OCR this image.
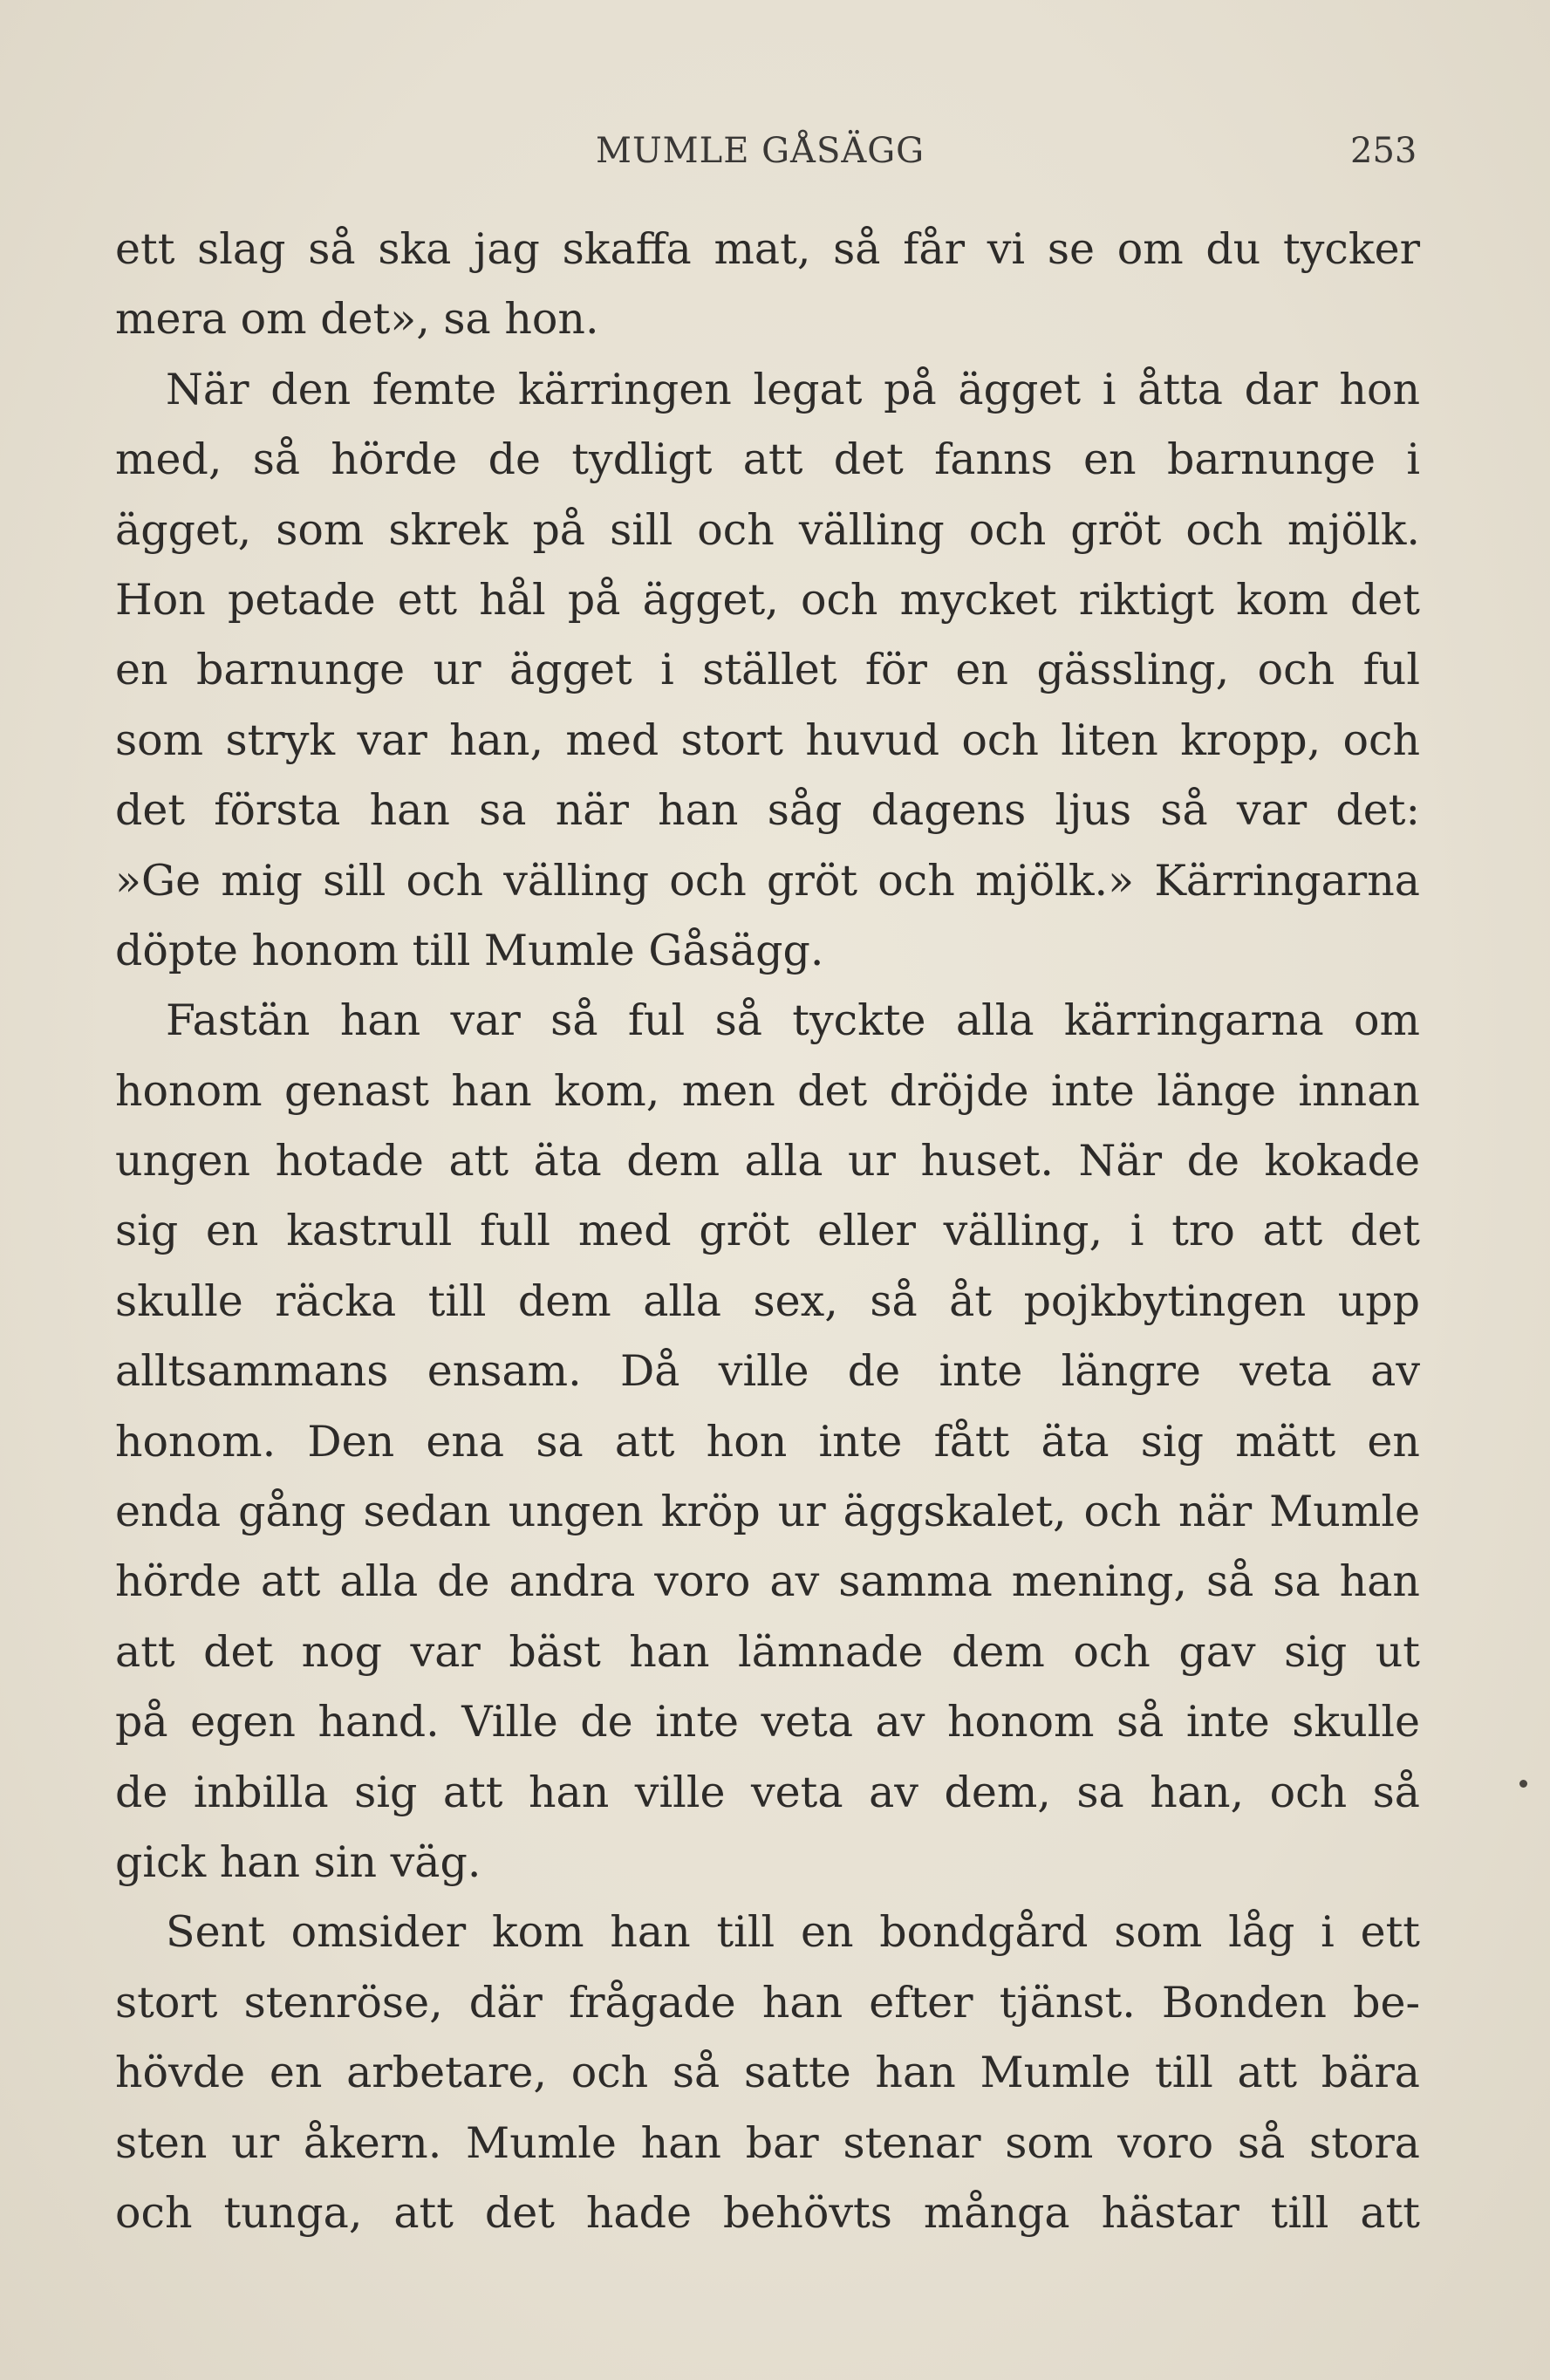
MUMLE GÅSÄGG	253
ett slag så ska jag skaffa mat, så får vi se om du tycker
mera om det», sa hon.
När den femte kärringen legat på ägget i åtta dar hon
med, så hörde de tydligt att det fanns en barnunge i
ägget, som skrek på sill och välling och gröt och mjölk.
Hon petade ett hål på ägget, och mycket riktigt kom det
en barnunge ur ägget i stället för en gässling, och ful
som stryk var han, med stort huvud och liten kropp, och
det första han sa när han såg dagens ljus så var det:
»Ge mig sill och välling och gröt och mjölk.» Kärringarna
döpte honom till Mumle Gåsägg.
Fastän han var så ful så tyckte alla kärringarna om
honom genast han kom, men det dröjde inte länge innan
ungen hotade att äta dem alla ur huset. När de kokade
sig en kastrull full med gröt eller välling, i tro att det
skulle räcka till dem alla sex, så åt pojkbytingen upp
alltsammans ensam. Då ville de inte längre veta av
honom. Den ena sa att hon inte fått äta sig mätt en
enda gång sedan ungen kröp ur äggskalet, och när Mumle
hörde att alla de andra voro av samma mening, så sa han
att det nog var bäst han lämnade dem och gav sig ut
på egen hand. Ville de inte veta av honom så inte skulle
de inbilla sig att han ville veta av dem, sa han, och så
gick han sin väg.
Sent omsider kom han till en bondgård som låg i ett
stort stenröse, där frågade han efter tjänst. Bonden be-
hövde en arbetare, och så satte han Mumle till att bära
sten ur åkern. Mumle han bar stenar som voro så stora
och tunga, att det hade behövts många hästar till att
